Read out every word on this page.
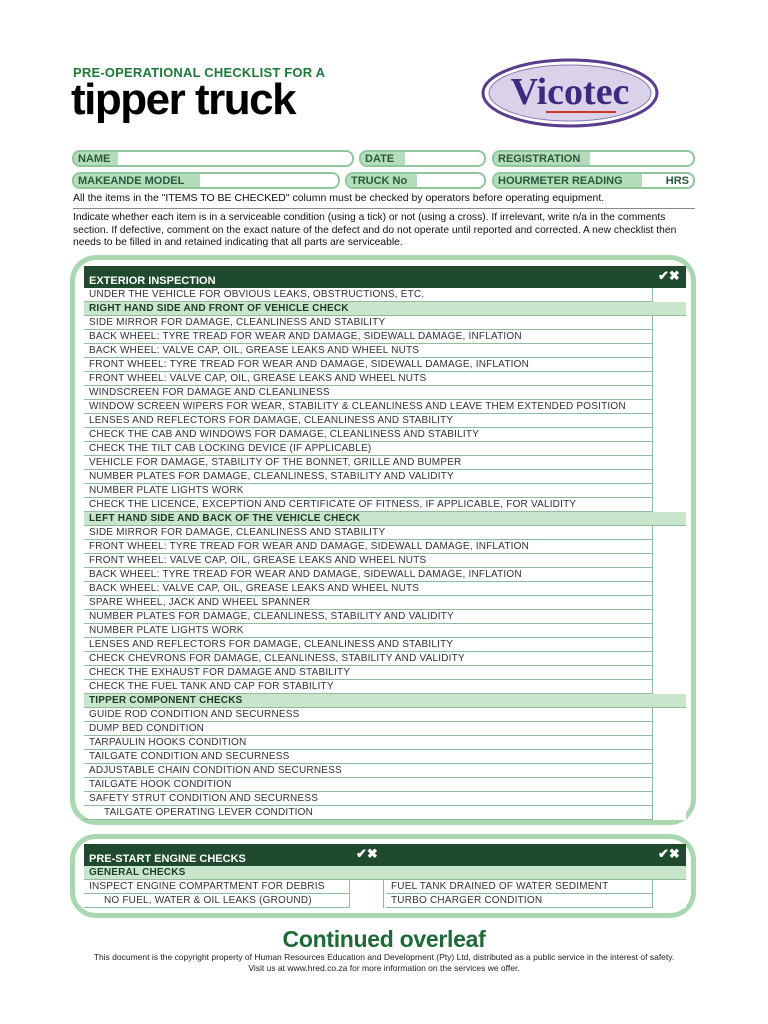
PRE-OPERATIONAL CHECKLIST FOR A
tipper truck	Vicotec
NAME	DATE	REGISTRATION
MAKEANDE MODEL	TRUCK No	HOURMETER READING	HRS
All the items in the "ITEMS TO BE CHECKED" column must be checked by operators before operating equipment.
Indicate whether each item is in a serviceable condition (using a tick) or not (using a cross). If irrelevant, write n/a in the comments section. If defective, comment on the exact nature of the defect and do not operate until reported and corrected. A new checklist then needs to be filled in and retained indicating that all parts are serviceable.
EXTERIOR INSPECTION	✔✖
UNDER THE VEHICLE FOR OBVIOUS LEAKS, OBSTRUCTIONS, ETC.
RIGHT HAND SIDE AND FRONT OF VEHICLE CHECK
SIDE MIRROR FOR DAMAGE, CLEANLINESS AND STABILITY
BACK WHEEL: TYRE TREAD FOR WEAR AND DAMAGE, SIDEWALL DAMAGE, INFLATION
BACK WHEEL: VALVE CAP, OIL, GREASE LEAKS AND WHEEL NUTS
FRONT WHEEL: TYRE TREAD FOR WEAR AND DAMAGE, SIDEWALL DAMAGE, INFLATION
FRONT WHEEL: VALVE CAP, OIL, GREASE LEAKS AND WHEEL NUTS
WINDSCREEN FOR DAMAGE AND CLEANLINESS
WINDOW SCREEN WIPERS FOR WEAR, STABILITY & CLEANLINESS AND LEAVE THEM EXTENDED POSITION
LENSES AND REFLECTORS FOR DAMAGE, CLEANLINESS AND STABILITY
CHECK THE CAB AND WINDOWS FOR DAMAGE, CLEANLINESS AND STABILITY
CHECK THE TILT CAB LOCKING DEVICE (IF APPLICABLE)
VEHICLE FOR DAMAGE, STABILITY OF THE BONNET, GRILLE AND BUMPER
NUMBER PLATES FOR DAMAGE, CLEANLINESS, STABILITY AND VALIDITY
NUMBER PLATE LIGHTS WORK
CHECK THE LICENCE, EXCEPTION AND CERTIFICATE OF FITNESS, IF APPLICABLE, FOR VALIDITY
LEFT HAND SIDE AND BACK OF THE VEHICLE CHECK
SIDE MIRROR FOR DAMAGE, CLEANLINESS AND STABILITY
FRONT WHEEL: TYRE TREAD FOR WEAR AND DAMAGE, SIDEWALL DAMAGE, INFLATION
FRONT WHEEL: VALVE CAP, OIL, GREASE LEAKS AND WHEEL NUTS
BACK WHEEL: TYRE TREAD FOR WEAR AND DAMAGE, SIDEWALL DAMAGE, INFLATION
BACK WHEEL: VALVE CAP, OIL, GREASE LEAKS AND WHEEL NUTS
SPARE WHEEL, JACK AND WHEEL SPANNER
NUMBER PLATES FOR DAMAGE, CLEANLINESS, STABILITY AND VALIDITY
NUMBER PLATE LIGHTS WORK
LENSES AND REFLECTORS FOR DAMAGE, CLEANLINESS AND STABILITY
CHECK CHEVRONS FOR DAMAGE, CLEANLINESS, STABILITY AND VALIDITY
CHECK THE EXHAUST FOR DAMAGE AND STABILITY
CHECK THE FUEL TANK AND CAP FOR STABILITY
TIPPER COMPONENT CHECKS
GUIDE ROD CONDITION AND SECURNESS
DUMP BED CONDITION
TARPAULIN HOOKS CONDITION
TAILGATE CONDITION AND SECURNESS
ADJUSTABLE CHAIN CONDITION AND SECURNESS
TAILGATE HOOK CONDITION
SAFETY STRUT CONDITION AND SECURNESS
TAILGATE OPERATING LEVER CONDITION
PRE-START ENGINE CHECKS	✔✖	✔✖
GENERAL CHECKS
INSPECT ENGINE COMPARTMENT FOR DEBRIS
NO FUEL, WATER & OIL LEAKS (GROUND)
FUEL TANK DRAINED OF WATER SEDIMENT
TURBO CHARGER CONDITION
Continued overleaf
This document is the copyright property of Human Resources Education and Development (Pty) Ltd, distributed as a public service in the interest of safety.
Visit us at www.hred.co.za for more information on the services we offer.
